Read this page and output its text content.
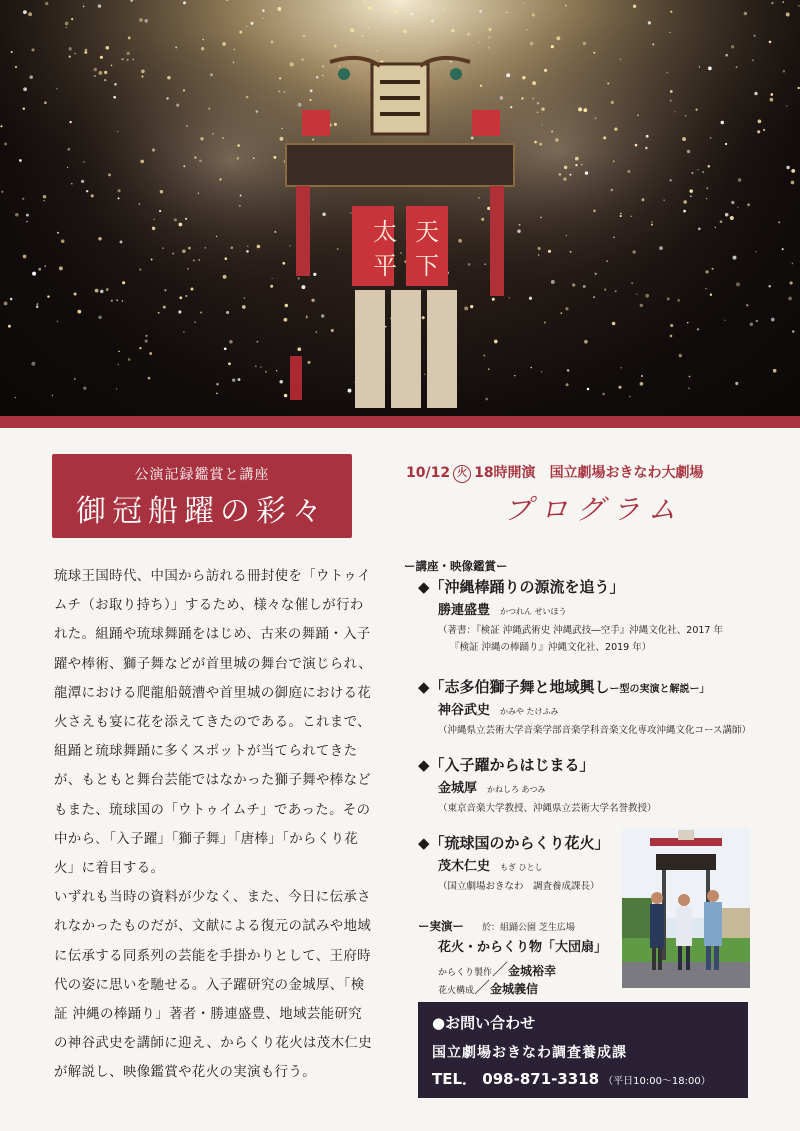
太
平
天
下
公演記録鑑賞と講座
御冠船躍の彩々
10/12 火 18時開演　 国立劇場おきなわ大劇場
プログラム

琉球王国時代、中国から訪れる冊封使を「ウトゥイムチ（お取り持ち）」するため、様々な催しが行われた。組踊や琉球舞踊をはじめ、古来の舞踊・入子躍や棒術、獅子舞などが首里城の舞台で演じられ、龍潭における爬龍船競漕や首里城の御庭における花火さえも宴に花を添えてきたのである。これまで、組踊と琉球舞踊に多くスポットが当てられてきたが、もともと舞台芸能ではなかった獅子舞や棒などもまた、琉球国の「ウトゥイムチ」であった。その中から､「入子躍」「獅子舞」「唐棒」「からくり花火」に着目する。

いずれも当時の資料が少なく、また、今日に伝承されなかったものだが、文献による復元の試みや地域に伝承する同系列の芸能を手掛かりとして、王府時代の姿に思いを馳せる。入子躍研究の金城厚、「検証 沖縄の棒踊り」著者・勝連盛豊、地域芸能研究の神谷武史を講師に迎え、からくり花火は茂木仁史が解説し、映像鑑賞や花火の実演も行う。

ー講座・映像鑑賞ー
◆「沖縄棒踊りの源流を追う」
勝連盛豊 かつれん せいほう
（著書：『検証 沖縄武術史 沖縄武技―空手』沖縄文化社、2017 年
『検証 沖縄の棒踊り』沖縄文化社、2019 年）
◆「志多伯獅子舞と地域興しー型の実演と解説ー」
神谷武史 かみや たけふみ
（沖縄県立芸術大学音楽学部音楽学科音楽文化専攻沖縄文化コース講師）
◆「入子躍からはじまる」
金城厚 かねしろ あつみ
（東京音楽大学教授、沖縄県立芸術大学名誉教授）
◆「琉球国のからくり花火」
茂木仁史 もぎ ひとし
（国立劇場おきなわ　調査養成課長）
ー実演ー 於：組踊公園 芝生広場
花火・からくり物「大団扇」
からくり製作／金城裕幸
花火構成／金城義信
●お問い合わせ
国立劇場おきなわ調査養成課
TEL． 098-871-3318 （平日10:00〜18:00）
